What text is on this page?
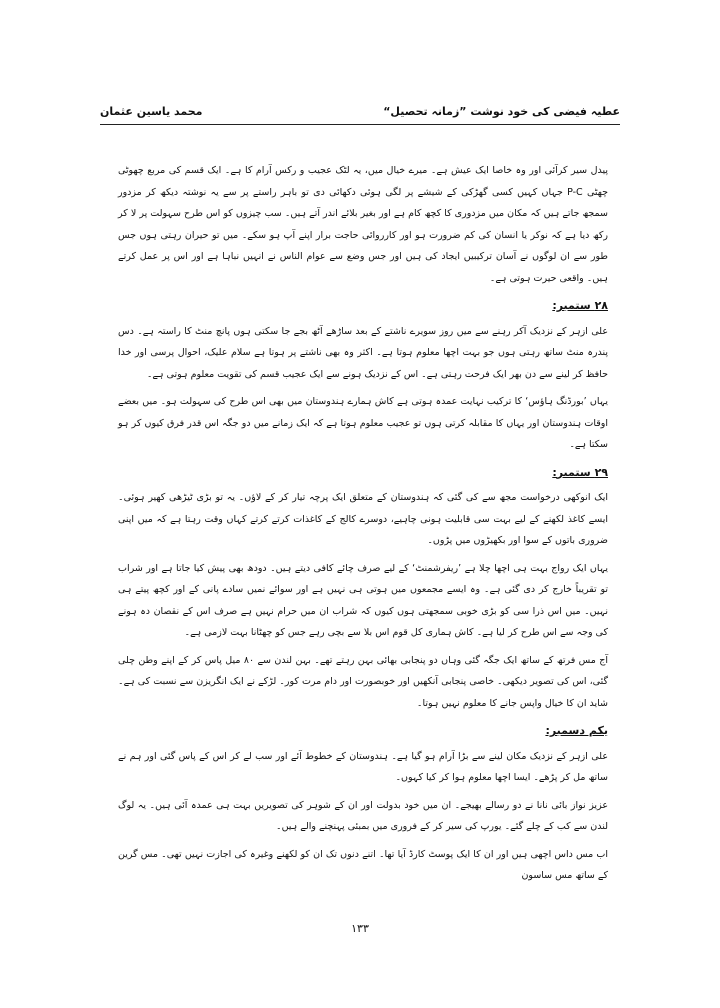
عطیہ فیضی کی خود نوشت ”زمانہ تحصیل“
محمد یاسین عثمان

پیدل سیر کرآئی اور وہ خاصا ایک عیش ہے۔ میرے خیال میں، یہ لٹک عجیب و رکس آرام کا ہے۔ ایک قسم کی مربع چھوٹی چھٹی P-C جہاں کہیں کسی گھڑکی کے شیشے پر لگی ہوئی دکھائی دی تو باہر راستے پر سے یہ نوشتہ دیکھ کر مزدور سمجھ جاتے ہیں کہ مکان میں مزدوری کا کچھ کام ہے اور بغیر بلائے اندر آتے ہیں۔ سب چیزوں کو اس طرح سہولت پر لا کر رکھ دیا ہے کہ نوکر یا انسان کی کم ضرورت ہو اور کارروائی حاجت برار اپنے آپ ہو سکے۔ میں تو حیران رہتی ہوں جس طور سے ان لوگوں نے آسان ترکیبیں ایجاد کی ہیں اور جس وضع سے عوام الناس نے انہیں نباہا ہے اور اس پر عمل کرتے ہیں۔ واقعی حیرت ہوتی ہے۔

۲۸ ستمبر:

علی ازہر کے نزدیک آکر رہنے سے میں روز سویرے ناشتے کے بعد ساڑھے آٹھ بجے جا سکتی ہوں پانچ منٹ کا راستہ ہے۔ دس پندرہ منٹ ساتھ رہتی ہوں جو بہت اچھا معلوم ہوتا ہے۔ اکثر وہ بھی ناشتے پر ہوتا ہے سلام علیک، احوال پرسی اور خدا حافظ کر لینے سے دن بھر ایک فرحت رہتی ہے۔ اس کے نزدیک ہونے سے ایک عجیب قسم کی تقویت معلوم ہوتی ہے۔

یہاں ’بورڈنگ ہاؤس‘ کا ترکیب نہایت عمدہ ہوتی ہے کاش ہمارے ہندوستان میں بھی اس طرح کی سہولت ہو۔ میں بعضے اوقات ہندوستان اور یہاں کا مقابلہ کرتی ہوں تو عجیب معلوم ہوتا ہے کہ ایک زمانے میں دو جگہ اس قدر فرق کیوں کر ہو سکتا ہے۔

۲۹ ستمبر:

ایک انوکھی درخواست مجھ سے کی گئی کہ ہندوستان کے متعلق ایک پرچہ تیار کر کے لاؤں۔ یہ تو بڑی ٹیڑھی کھیر ہوئی۔ ایسے کاغذ لکھنے کے لیے بہت سی قابلیت ہونی چاہیے، دوسرے کالج کے کاغذات کرتے کرتے کہاں وقت رہتا ہے کہ میں اپنی ضروری باتوں کے سوا اور بکھیڑوں میں پڑوں۔

یہاں ایک رواج بہت ہی اچھا چلا ہے ’ریفرشمنٹ‘ کے لیے صرف چائے کافی دیتے ہیں۔ دودھ بھی پیش کیا جاتا ہے اور شراب تو تقریباً خارج کر دی گئی ہے۔ وہ ایسے مجمعوں میں ہوتی ہی نہیں ہے اور سوائے نمیں سادے پانی کے اور کچھ پیتے ہی نہیں۔ میں اس ذرا سی کو بڑی خوبی سمجھتی ہوں کیوں کہ شراب ان میں حرام نہیں ہے صرف اس کے نقصان دہ ہونے کی وجہ سے اس طرح کر لیا ہے۔ کاش ہماری کل قوم اس بلا سے بچی رہے جس کو چھٹانا بہت لازمی ہے۔

آج مس فرتھ کے ساتھ ایک جگہ گئی وہاں دو پنجابی بھائی بہن رہتے تھے۔ بہن لندن سے ۸۰ میل پاس کر کے اپنے وطن چلی گئی، اس کی تصویر دیکھی۔ خاصی پنجابی آنکھیں اور خوبصورت اور دام مرت کور۔ لڑکے نے ایک انگریزن سے نسبت کی ہے۔ شاید ان کا خیال واپس جانے کا معلوم نہیں ہوتا۔

یکم دسمبر:

علی ازہر کے نزدیک مکان لینے سے بڑا آرام ہو گیا ہے۔ ہندوستان کے خطوط آئے اور سب لے کر اس کے پاس گئی اور ہم نے ساتھ مل کر پڑھے۔ ایسا اچھا معلوم ہوا کر کیا کہوں۔

عزیز نواز بائی نانا نے دو رسالے بھیجے۔ ان میں خود بدولت اور ان کے شوہر کی تصویریں بہت ہی عمدہ آئی ہیں۔ یہ لوگ لندن سے کب کے چلے گئے۔ یورپ کی سیر کر کے فروری میں بمبئی پہنچنے والے ہیں۔

اب مس داس اچھی ہیں اور ان کا ایک پوسٹ کارڈ آیا تھا۔ اتنے دنوں تک ان کو لکھنے وغیرہ کی اجازت نہیں تھی۔ مس گرین کے ساتھ مس ساسون

۱۳۳
